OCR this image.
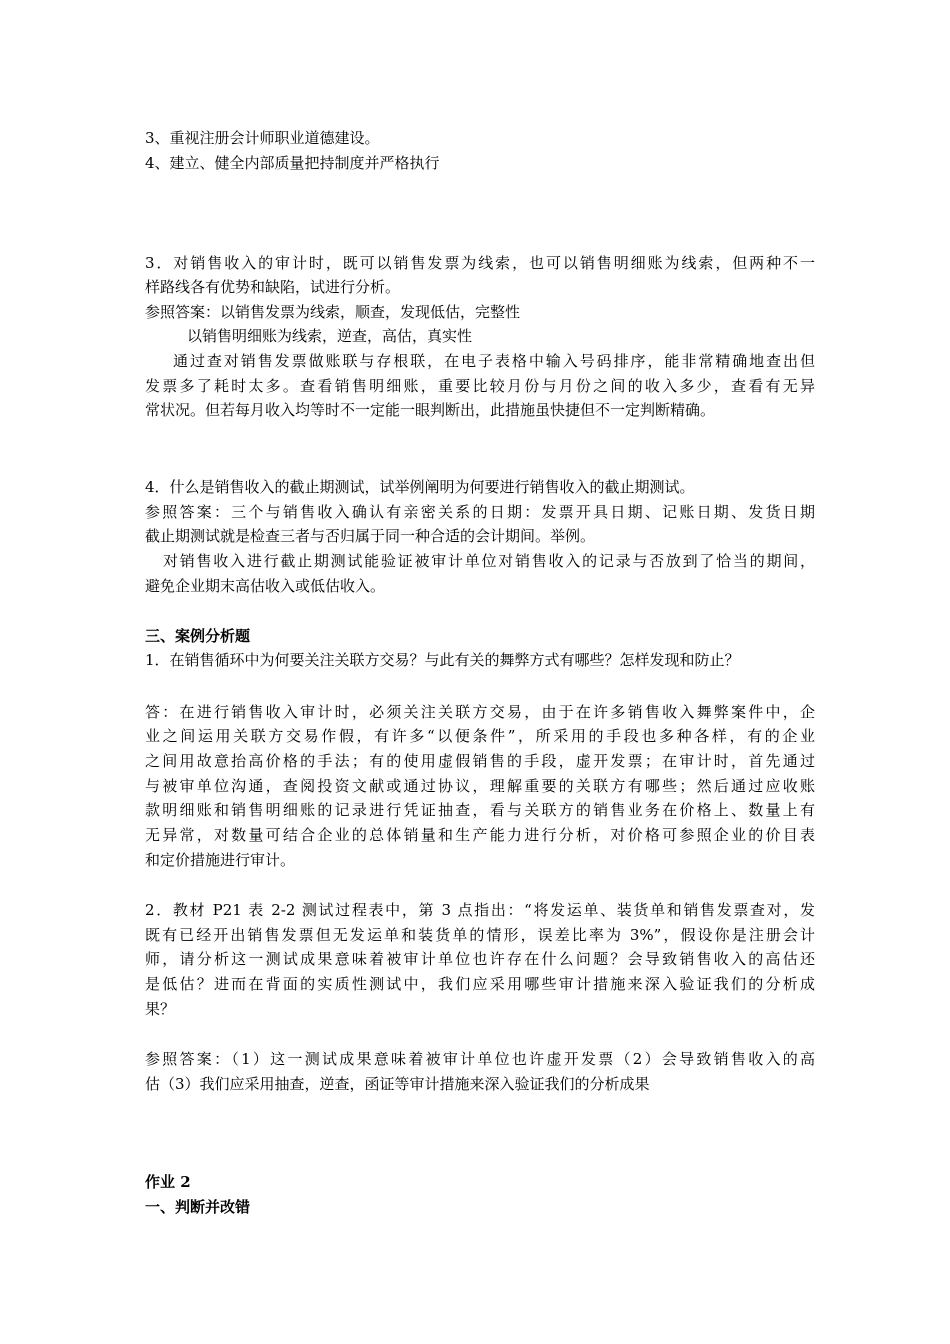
3、重视注册会计师职业道德建设。
4、建立、健全内部质量把持制度并严格执行
3．对销售收入的审计时，既可以销售发票为线索，也可以销售明细账为线索，但两种不一
样路线各有优势和缺陷，试进行分析。
参照答案：以销售发票为线索，顺查，发现低估，完整性
以销售明细账为线索，逆查，高估，真实性
通过查对销售发票做账联与存根联，在电子表格中输入号码排序，能非常精确地查出但
发票多了耗时太多。查看销售明细账，重要比较月份与月份之间的收入多少，查看有无异
常状况。但若每月收入均等时不一定能一眼判断出，此措施虽快捷但不一定判断精确。
4．什么是销售收入的截止期测试，试举例阐明为何要进行销售收入的截止期测试。
参照答案：三个与销售收入确认有亲密关系的日期：发票开具日期、记账日期、发货日期
截止期测试就是检查三者与否归属于同一种合适的会计期间。举例。
对销售收入进行截止期测试能验证被审计单位对销售收入的记录与否放到了恰当的期间，
避免企业期末高估收入或低估收入。
三、案例分析题
1．在销售循环中为何要关注关联方交易？与此有关的舞弊方式有哪些？怎样发现和防止？
答：在进行销售收入审计时，必须关注关联方交易，由于在许多销售收入舞弊案件中，企
业之间运用关联方交易作假，有许多“以便条件”，所采用的手段也多种各样，有的企业
之间用故意抬高价格的手法；有的使用虚假销售的手段，虚开发票；在审计时，首先通过
与被审单位沟通，查阅投资文献或通过协议，理解重要的关联方有哪些；然后通过应收账
款明细账和销售明细账的记录进行凭证抽查，看与关联方的销售业务在价格上、数量上有
无异常，对数量可结合企业的总体销量和生产能力进行分析，对价格可参照企业的价目表
和定价措施进行审计。
2．教材 P21 表 2-2 测试过程表中，第 3 点指出：“将发运单、装货单和销售发票查对，发
既有已经开出销售发票但无发运单和装货单的情形，误差比率为 3%”，假设你是注册会计
师，请分析这一测试成果意味着被审计单位也许存在什么问题？会导致销售收入的高估还
是低估？进而在背面的实质性测试中，我们应采用哪些审计措施来深入验证我们的分析成
果？
参照答案：（1）这一测试成果意味着被审计单位也许虚开发票（2）会导致销售收入的高
估（3）我们应采用抽查，逆查，函证等审计措施来深入验证我们的分析成果
作业 2
一、判断并改错
